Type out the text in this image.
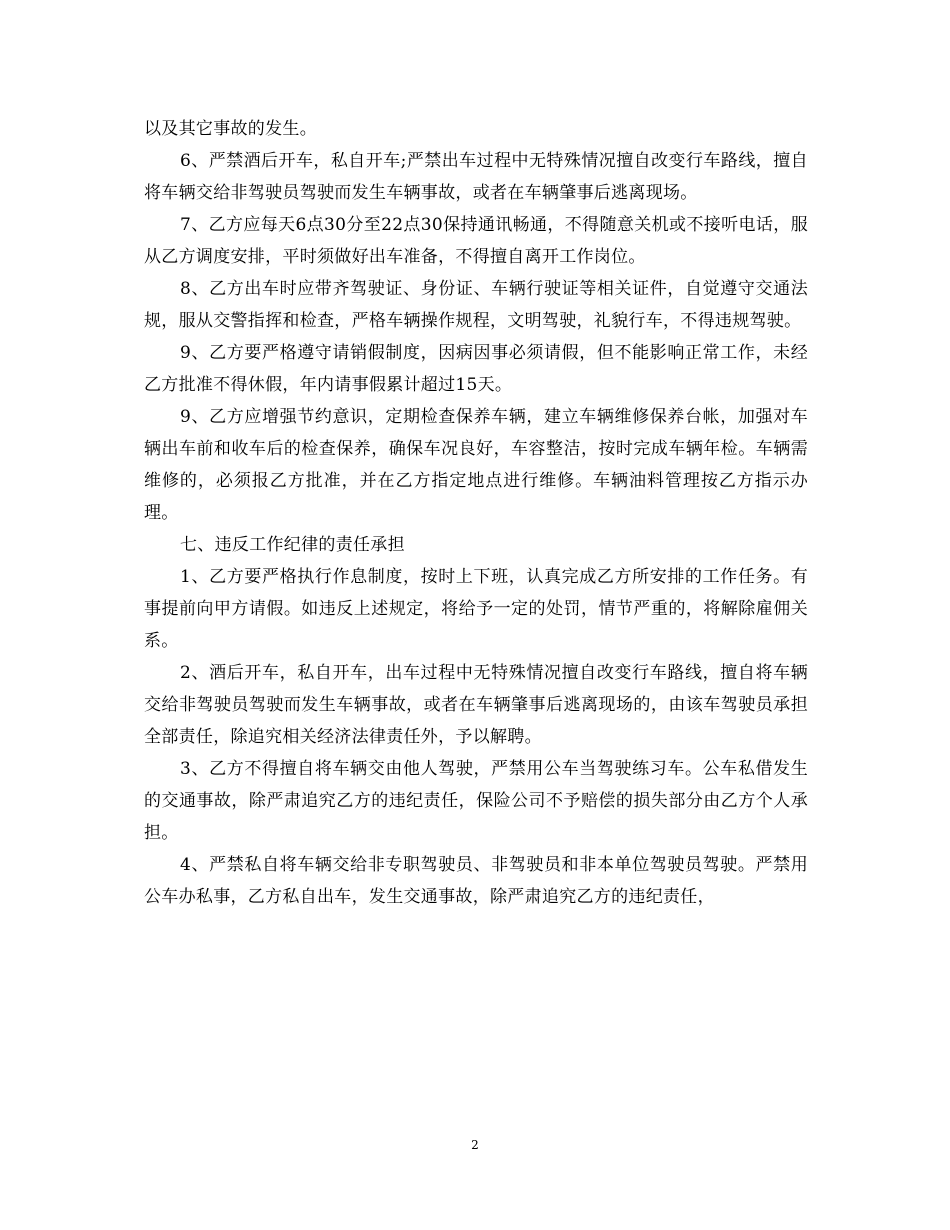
以及其它事故的发生。

6、严禁酒后开车，私自开车;严禁出车过程中无特殊情况擅自改变行车路线，擅自将车辆交给非驾驶员驾驶而发生车辆事故，或者在车辆肇事后逃离现场。

7、乙方应每天6点30分至22点30保持通讯畅通，不得随意关机或不接听电话，服从乙方调度安排，平时须做好出车准备，不得擅自离开工作岗位。

8、乙方出车时应带齐驾驶证、身份证、车辆行驶证等相关证件，自觉遵守交通法规，服从交警指挥和检查，严格车辆操作规程，文明驾驶，礼貌行车，不得违规驾驶。

9、乙方要严格遵守请销假制度，因病因事必须请假，但不能影响正常工作，未经乙方批准不得休假，年内请事假累计超过15天。

9、乙方应增强节约意识，定期检查保养车辆，建立车辆维修保养台帐，加强对车辆出车前和收车后的检查保养，确保车况良好，车容整洁，按时完成车辆年检。车辆需维修的，必须报乙方批准，并在乙方指定地点进行维修。车辆油料管理按乙方指示办理。

七、违反工作纪律的责任承担

1、乙方要严格执行作息制度，按时上下班，认真完成乙方所安排的工作任务。有事提前向甲方请假。如违反上述规定，将给予一定的处罚，情节严重的，将解除雇佣关系。

2、酒后开车，私自开车，出车过程中无特殊情况擅自改变行车路线，擅自将车辆交给非驾驶员驾驶而发生车辆事故，或者在车辆肇事后逃离现场的，由该车驾驶员承担全部责任，除追究相关经济法律责任外，予以解聘。

3、乙方不得擅自将车辆交由他人驾驶，严禁用公车当驾驶练习车。公车私借发生的交通事故，除严肃追究乙方的违纪责任，保险公司不予赔偿的损失部分由乙方个人承担。

4、严禁私自将车辆交给非专职驾驶员、非驾驶员和非本单位驾驶员驾驶。严禁用公车办私事，乙方私自出车，发生交通事故，除严肃追究乙方的违纪责任，

2
